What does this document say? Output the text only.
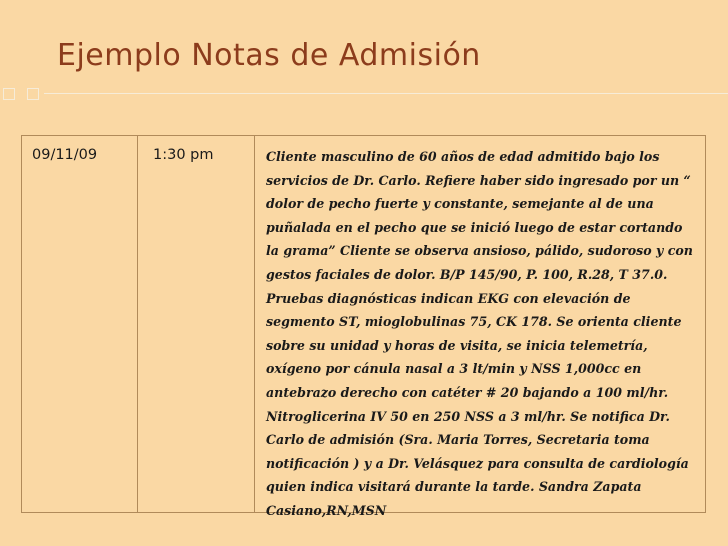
Ejemplo Notas de Admisión
09/11/09	1:30 pm	Cliente masculino de 60 años de edad admitido bajo los servicios de Dr. Carlo. Refiere haber sido ingresado por un “ dolor de pecho fuerte y constante, semejante al de una puñalada en el pecho que se inició luego de estar cortando la grama” Cliente se observa ansioso, pálido, sudoroso y con gestos faciales de dolor. B/P 145/90, P. 100, R.28, T 37.0. Pruebas diagnósticas indican EKG con elevación de segmento ST, mioglobulinas 75, CK 178. Se orienta cliente sobre su unidad y horas de visita, se inicia telemetría, oxígeno por cánula nasal a 3 lt/min y NSS 1,000cc en antebrazo derecho con catéter # 20 bajando a 100 ml/hr. Nitroglicerina IV 50 en 250 NSS a 3 ml/hr. Se notifica Dr. Carlo de admisión (Sra. Maria Torres, Secretaria toma notificación ) y a Dr. Velásquez para consulta de cardiología quien indica visitará durante la tarde. Sandra Zapata Casiano,RN,MSN
